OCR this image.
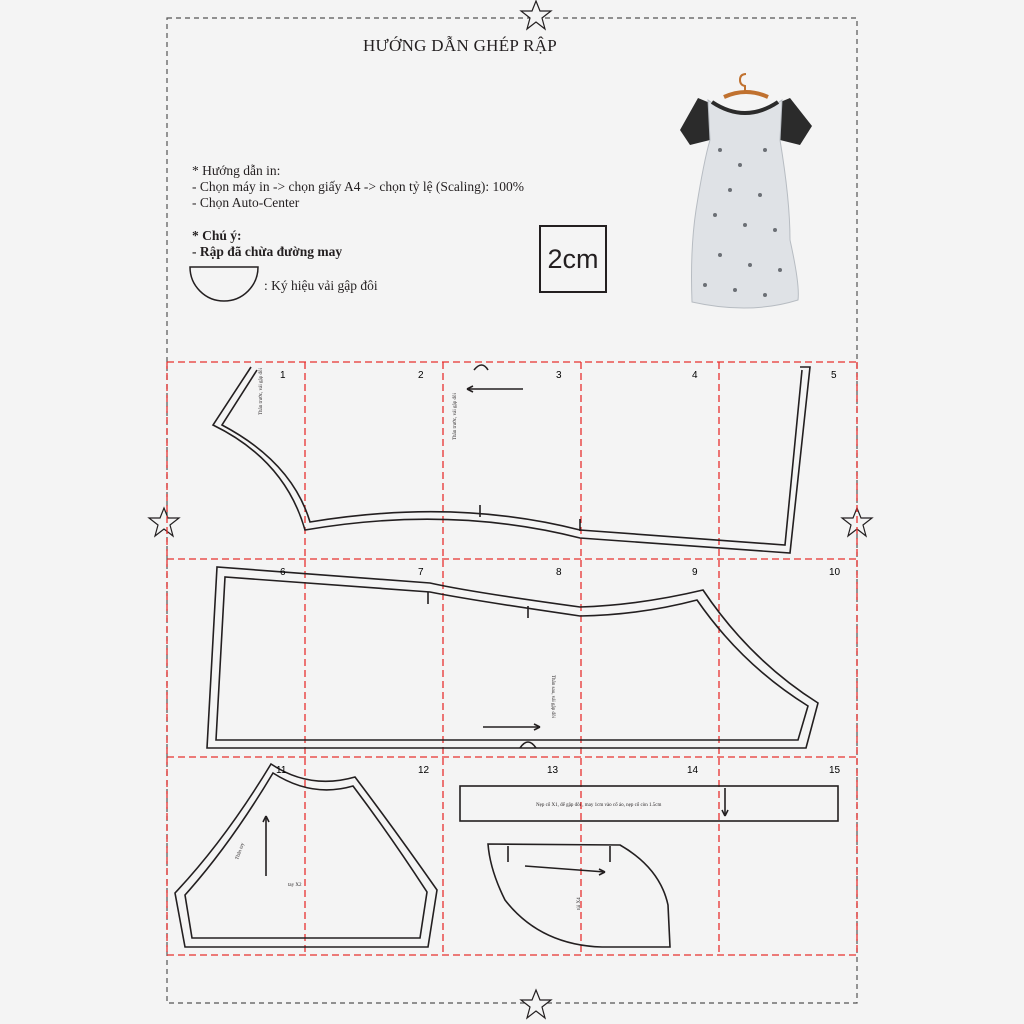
Thân trước, vải gập đôi
Thân trước, vải gập đôi
Thân sau, vải gập đôi
Thân tay
tay X2
Nẹp cổ X1, để gập đôi , may 1cm vào cổ áo, nẹp cổ còn 1.5cm
túi X4
1	2	3	4	5
6	7	8	9	10
11	12	13	14	15
HƯỚNG DẪN GHÉP RẬP
* Hướng dẫn in:
- Chọn máy in -> chọn giấy A4 -> chọn tỷ lệ (Scaling): 100%
- Chọn Auto-Center
* Chú ý:
- Rập đã chừa đường may
: Ký hiệu vải gập đôi
2cm
